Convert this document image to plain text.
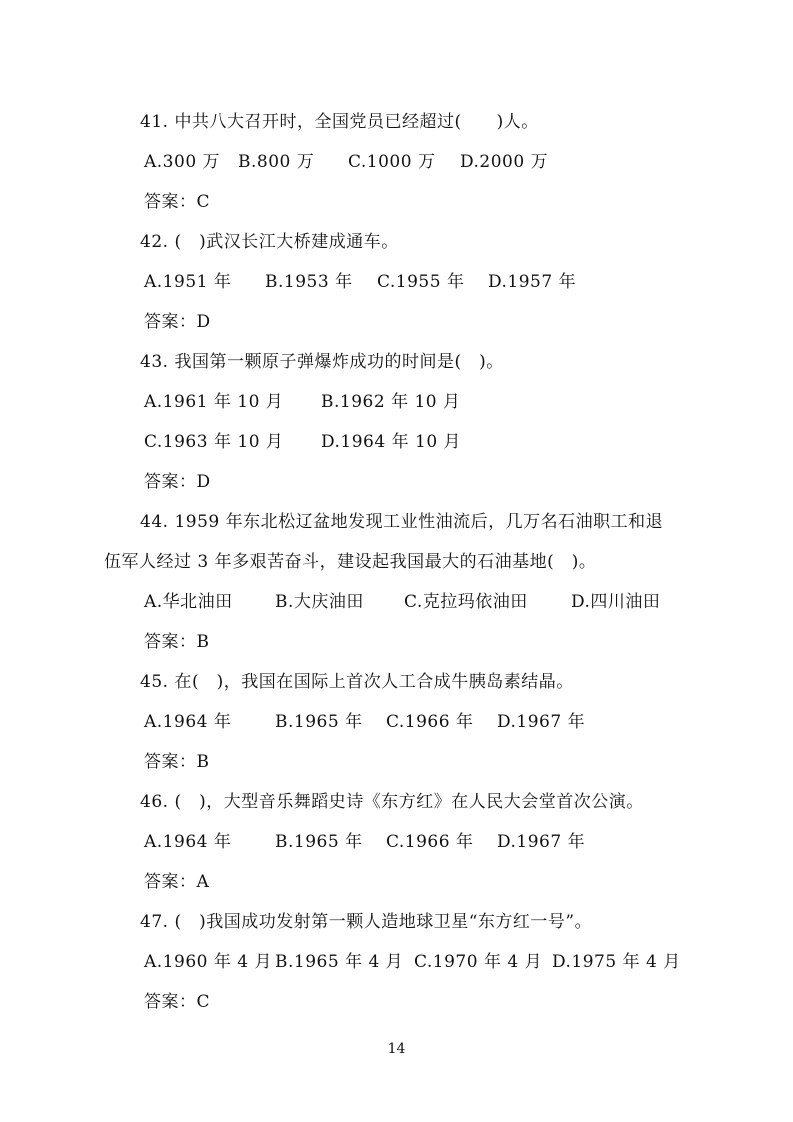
41. 中共八大召开时，全国党员已经超过(　　)人。
A.300 万 B.800 万 C.1000 万 D.2000 万
答案：C
42. (　)武汉长江大桥建成通车。
A.1951 年 B.1953 年 C.1955 年 D.1957 年
答案：D
43. 我国第一颗原子弹爆炸成功的时间是(　)。
A.1961 年 10 月 B.1962 年 10 月
C.1963 年 10 月 D.1964 年 10 月
答案：D
44. 1959 年东北松辽盆地发现工业性油流后，几万名石油职工和退
伍军人经过 3 年多艰苦奋斗，建设起我国最大的石油基地(　)。
A.华北油田 B.大庆油田 C.克拉玛依油田	D.四川油田
答案：B
45. 在(　)，我国在国际上首次人工合成牛胰岛素结晶。
A.1964 年	B.1965 年 C.1966 年 D.1967 年
答案：B
46. (　)，大型音乐舞蹈史诗《东方红》在人民大会堂首次公演。
A.1964 年	B.1965 年 C.1966 年 D.1967 年
答案：A
47. (　)我国成功发射第一颗人造地球卫星“东方红一号”。
A.1960 年 4 月 B.1965 年 4 月 C.1970 年 4 月 D.1975 年 4 月
答案：C
14
